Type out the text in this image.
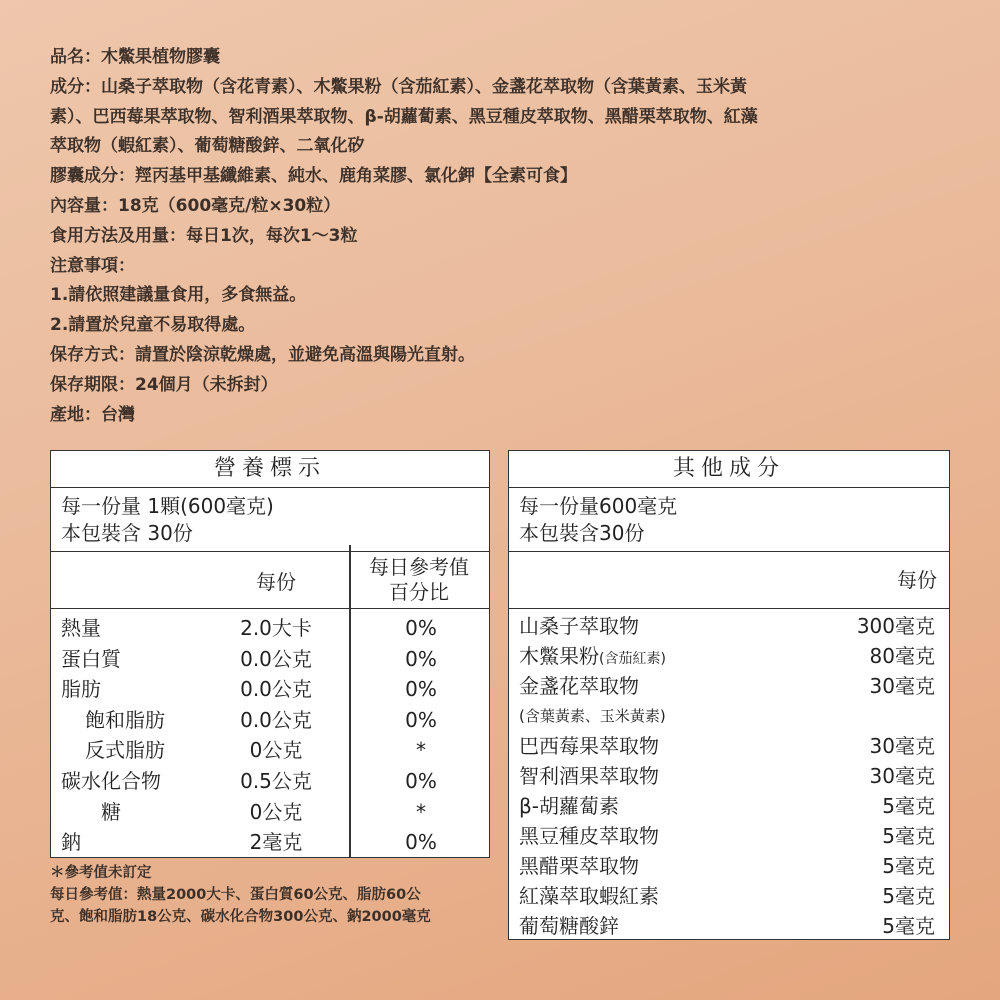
品名：木鱉果植物膠囊

成分：山桑子萃取物（含花青素）、木鱉果粉（含茄紅素）、金盞花萃取物（含葉黃素、玉米黃

素）、巴西莓果萃取物、智利酒果萃取物、β-胡蘿蔔素、黑豆種皮萃取物、黑醋栗萃取物、紅藻

萃取物（蝦紅素）、葡萄糖酸鋅、二氧化矽

膠囊成分：羥丙基甲基纖維素、純水、鹿角菜膠、氯化鉀【全素可食】

內容量：18克（600毫克/粒×30粒）

食用方法及用量：每日1次，每次1～3粒

注意事項：

1.請依照建議量食用，多食無益。

2.請置於兒童不易取得處。

保存方式：請置於陰涼乾燥處，並避免高溫與陽光直射。

保存期限：24個月（未拆封）

產地：台灣

營養標示
每一份量 1顆(600毫克)
本包裝含 30份
每份
每日參考值
百分比
熱量	2.0大卡	0%
蛋白質	0.0公克	0%
脂肪	0.0公克	0%
飽和脂肪	0.0公克	0%
反式脂肪	0公克	*
碳水化合物	0.5公克	0%
糖	0公克	*
鈉	2毫克	0%

＊參考值未訂定

每日參考值：熱量2000大卡、蛋白質60公克、脂肪60公

克、飽和脂肪18公克、碳水化合物300公克、鈉2000毫克

其他成分
每一份量600毫克
本包裝含30份
每份
山桑子萃取物	300毫克
木鱉果粉(含茄紅素)	80毫克
金盞花萃取物	30毫克
(含葉黃素、玉米黃素)
巴西莓果萃取物	30毫克
智利酒果萃取物	30毫克
β-胡蘿蔔素	5毫克
黑豆種皮萃取物	5毫克
黑醋栗萃取物	5毫克
紅藻萃取蝦紅素	5毫克
葡萄糖酸鋅	5毫克
